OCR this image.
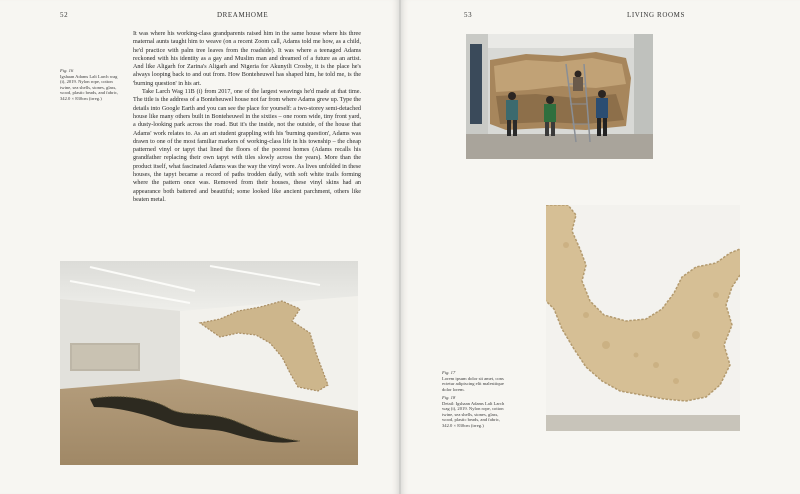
52	DREAMHOME
Fig. 16
Igshaan Adams Lalt Larch wag (i), 2019. Nylon rope, cotton twine, sea shells, stones, glass, wood, plastic beads, and fabric, 342.0 × 830cm (irreg.)

It was where his working-class grandparents raised him in the same house where his three maternal aunts taught him to weave (on a recent Zoom call, Adams told me how, as a child, he'd practice with palm tree leaves from the roadside). It was where a teenaged Adams reckoned with his identity as a gay and Muslim man and dreamed of a future as an artist. And like Aligarh for Zarina's Aligarh and Nigeria for Akunyili Crosby, it is the place he's always looping back to and out from. How Bonteheuwel has shaped him, he told me, is the 'burning question' in his art.

Take Larch Wag 11B (i) from 2017, one of the largest weavings he'd made at that time. The title is the address of a Bonteheuwel house not far from where Adams grew up. Type the details into Google Earth and you can see the place for yourself: a two-storey semi-detached house like many others built in Bonteheuwel in the sixties – one room wide, tiny front yard, a dusty-looking park across the road. But it's the inside, not the outside, of the house that Adams' work relates to. As an art student grappling with his 'burning question', Adams was drawn to one of the most familiar markers of working-class life in his township – the cheap patterned vinyl or tapyt that lined the floors of the poorest homes (Adams recalls his grandfather replacing their own tapyt with tiles slowly across the years). More than the product itself, what fascinated Adams was the way the vinyl wore. As lives unfolded in these houses, the tapyt became a record of paths trodden daily, with soft white trails forming where the pattern once was. Removed from their houses, these vinyl skins had an appearance both battered and beautiful; some looked like ancient parchment, others like beaten metal.

53	LIVING ROOMS
Fig. 17
Lorem ipsum dolor sit amet, cons ectetur adipiscing elit malesttique dolor lorem.
Fig. 18
Detail: Igshaan Adams Lalt Larch wag (i), 2019. Nylon rope, cotton twine, sea shells, stones, glass, wood, plastic beads, and fabric, 342.0 × 830cm (irreg.)
